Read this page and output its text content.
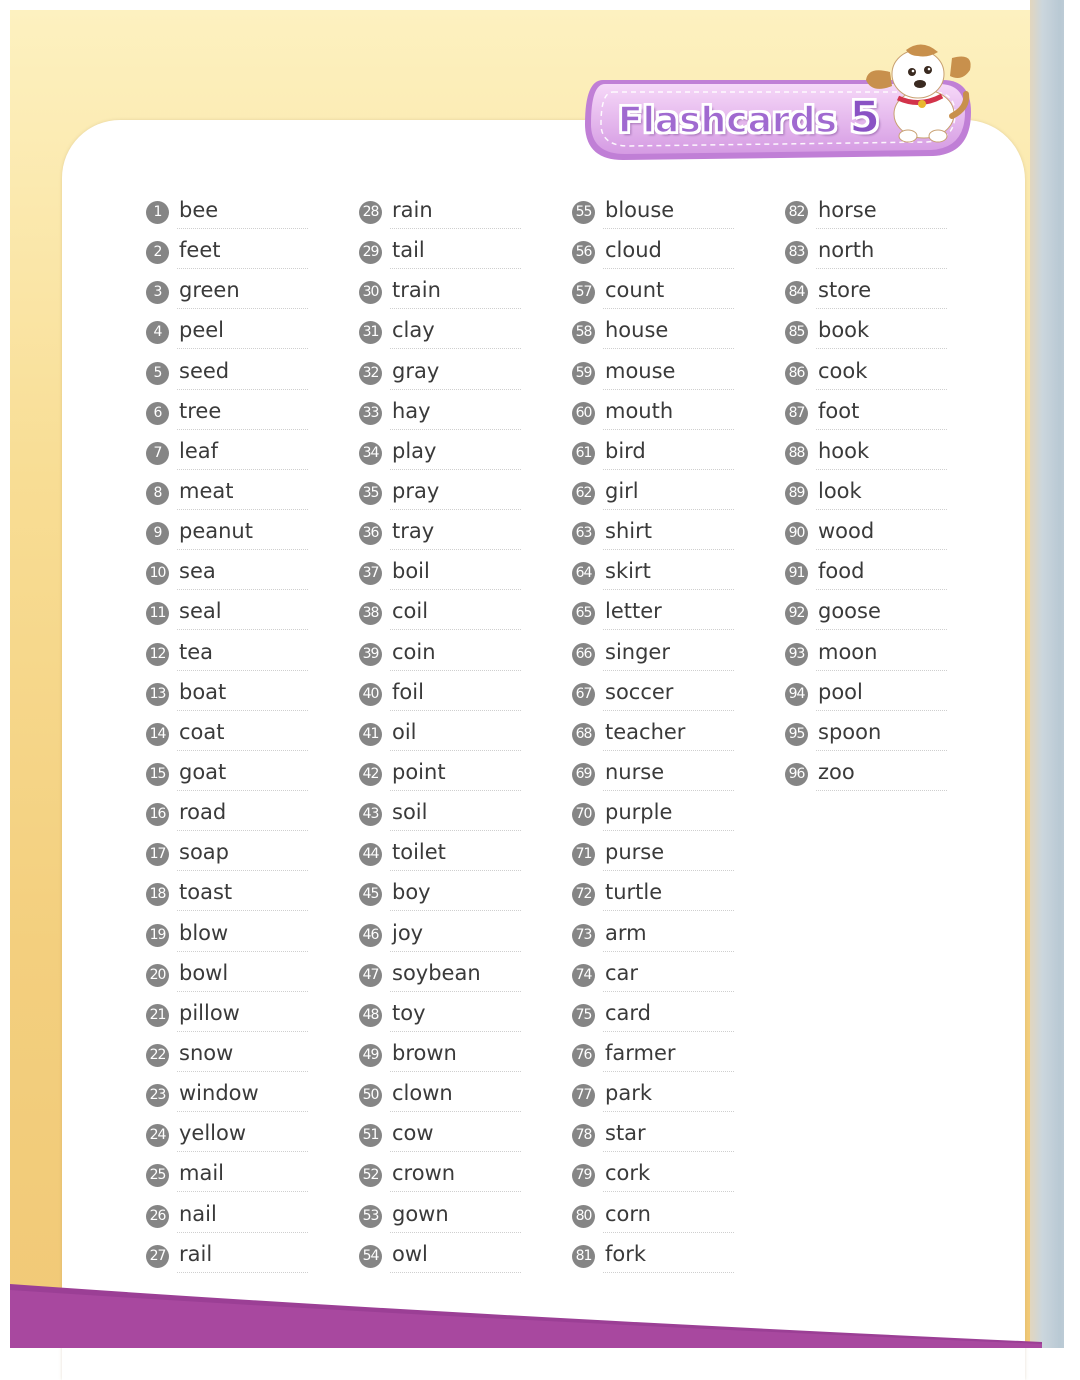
Flashcards 5
1 bee
2 feet
3 green
4 peel
5 seed
6 tree
7 leaf
8 meat
9 peanut
10 sea
11 seal
12 tea
13 boat
14 coat
15 goat
16 road
17 soap
18 toast
19 blow
20 bowl
21 pillow
22 snow
23 window
24 yellow
25 mail
26 nail
27 rail
28 rain
29 tail
30 train
31 clay
32 gray
33 hay
34 play
35 pray
36 tray
37 boil
38 coil
39 coin
40 foil
41 oil
42 point
43 soil
44 toilet
45 boy
46 joy
47 soybean
48 toy
49 brown
50 clown
51 cow
52 crown
53 gown
54 owl
55 blouse
56 cloud
57 count
58 house
59 mouse
60 mouth
61 bird
62 girl
63 shirt
64 skirt
65 letter
66 singer
67 soccer
68 teacher
69 nurse
70 purple
71 purse
72 turtle
73 arm
74 car
75 card
76 farmer
77 park
78 star
79 cork
80 corn
81 fork
82 horse
83 north
84 store
85 book
86 cook
87 foot
88 hook
89 look
90 wood
91 food
92 goose
93 moon
94 pool
95 spoon
96 zoo
